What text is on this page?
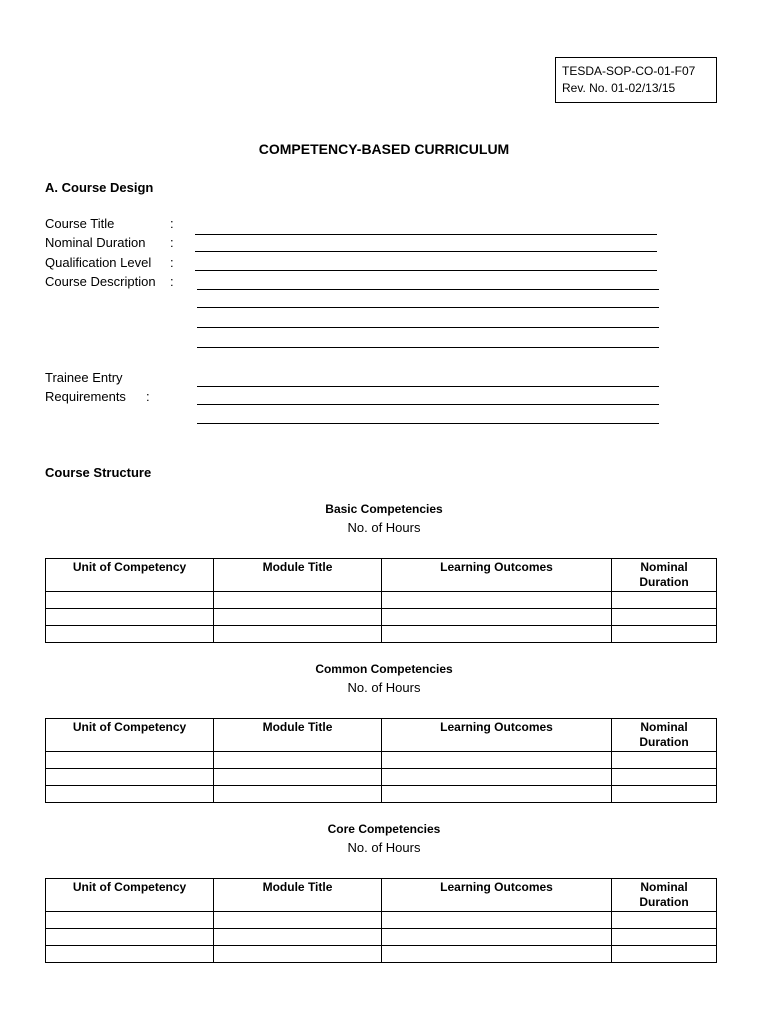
TESDA-SOP-CO-01-F07
Rev. No. 01-02/13/15
COMPETENCY-BASED CURRICULUM
A. Course Design
Course Title	:
Nominal Duration :
Qualification Level :
Course Description :
Trainee Entry
Requirements :
Course Structure
Basic Competencies
No. of Hours
Unit of Competency	Module Title	Learning Outcomes	Nominal
Duration

Common Competencies
No. of Hours
Unit of Competency	Module Title	Learning Outcomes	Nominal
Duration

Core Competencies
No. of Hours
Unit of Competency	Module Title	Learning Outcomes	Nominal
Duration
